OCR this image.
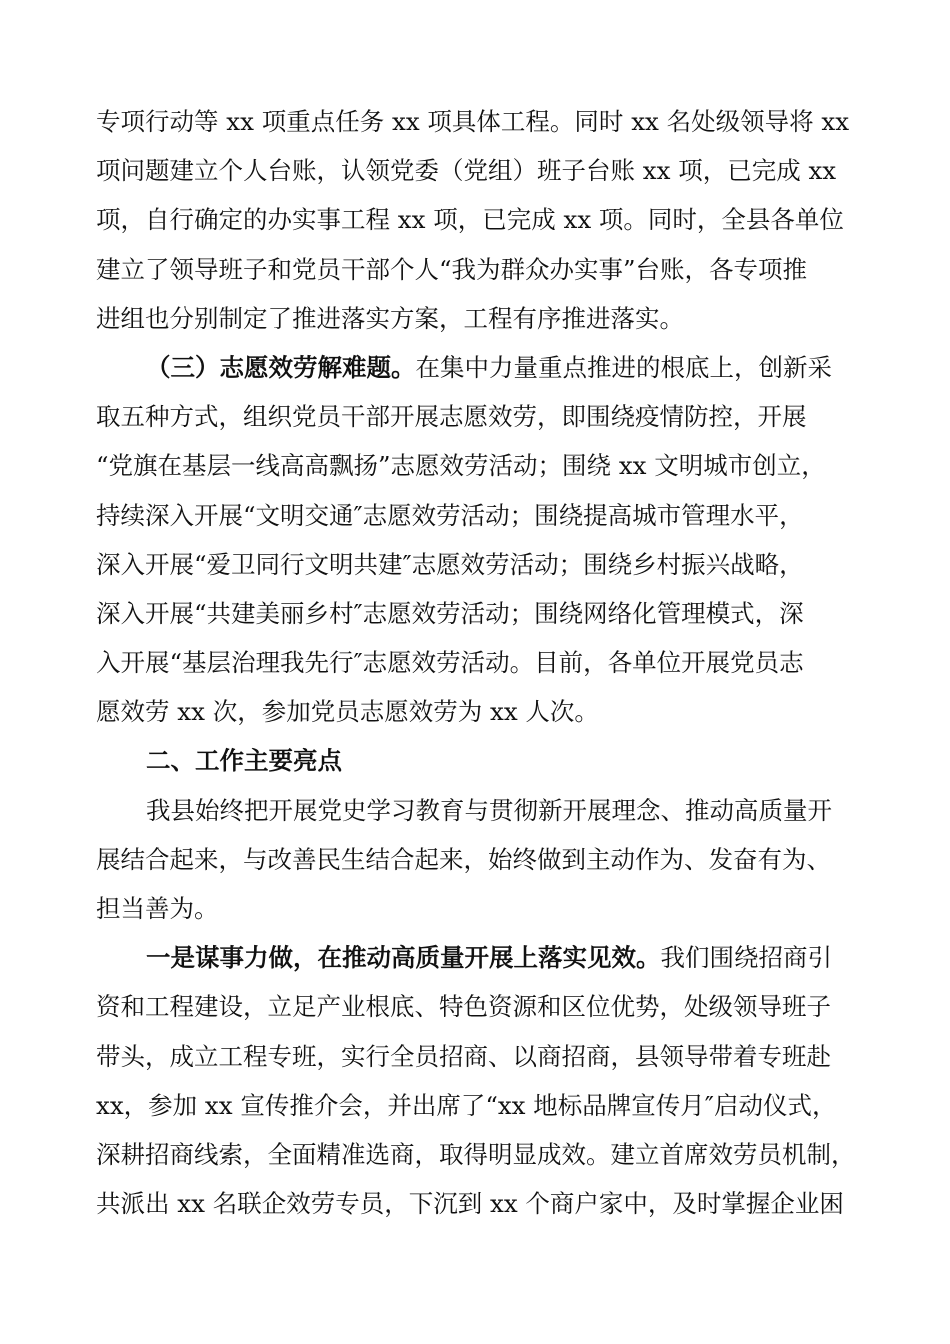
专项行动等 xx 项重点任务 xx 项具体工程。同时 xx 名处级领导将 xx
项问题建立个人台账，认领党委（党组）班子台账 xx 项，已完成 xx
项，自行确定的办实事工程 xx 项，已完成 xx 项。同时，全县各单位
建立了领导班子和党员干部个人“我为群众办实事”台账，各专项推
进组也分别制定了推进落实方案，工程有序推进落实。
（三）志愿效劳解难题。在集中力量重点推进的根底上，创新采
取五种方式，组织党员干部开展志愿效劳，即围绕疫情防控，开展
“党旗在基层一线高高飘扬”志愿效劳活动；围绕 xx 文明城市创立，
持续深入开展“文明交通″志愿效劳活动；围绕提高城市管理水平，
深入开展“爱卫同行文明共建″志愿效劳活动；围绕乡村振兴战略，
深入开展“共建美丽乡村″志愿效劳活动；围绕网络化管理模式，深
入开展“基层治理我先行″志愿效劳活动。目前，各单位开展党员志
愿效劳 xx 次，参加党员志愿效劳为 xx 人次。
二、工作主要亮点
我县始终把开展党史学习教育与贯彻新开展理念、推动高质量开
展结合起来，与改善民生结合起来，始终做到主动作为、发奋有为、
担当善为。
一是谋事力做，在推动高质量开展上落实见效。我们围绕招商引
资和工程建设，立足产业根底、特色资源和区位优势，处级领导班子
带头，成立工程专班，实行全员招商、以商招商，县领导带着专班赴
xx，参加 xx 宣传推介会，并出席了“xx 地标品牌宣传月″启动仪式，
深耕招商线索，全面精准选商，取得明显成效。建立首席效劳员机制，
共派出 xx 名联企效劳专员，下沉到 xx 个商户家中，及时掌握企业困
